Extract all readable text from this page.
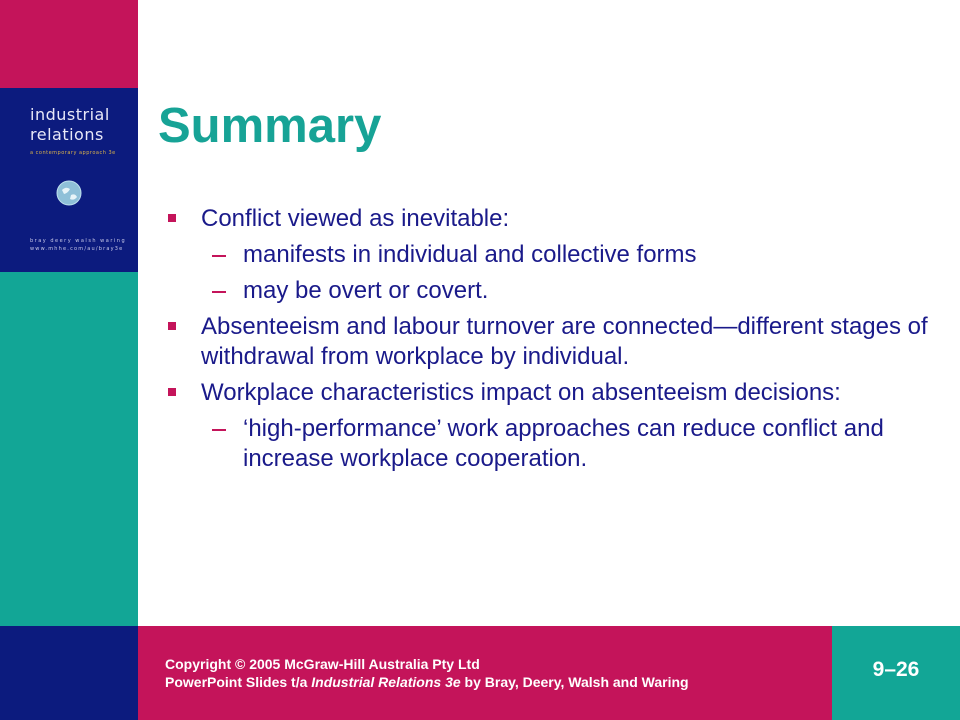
industrial
relations
a contemporary approach 3e
bray deery walsh waring
www.mhhe.com/au/bray3e
Summary
Conflict viewed as inevitable:
manifests in individual and collective forms
may be overt or covert.
Absenteeism and labour turnover are connected—different stages of withdrawal from workplace by individual.
Workplace characteristics impact on absenteeism decisions:
‘high-performance’ work approaches can reduce conflict and increase workplace cooperation.
Copyright © 2005 McGraw-Hill Australia Pty Ltd
PowerPoint Slides t/a Industrial Relations 3e by Bray, Deery, Walsh and Waring
9–26
